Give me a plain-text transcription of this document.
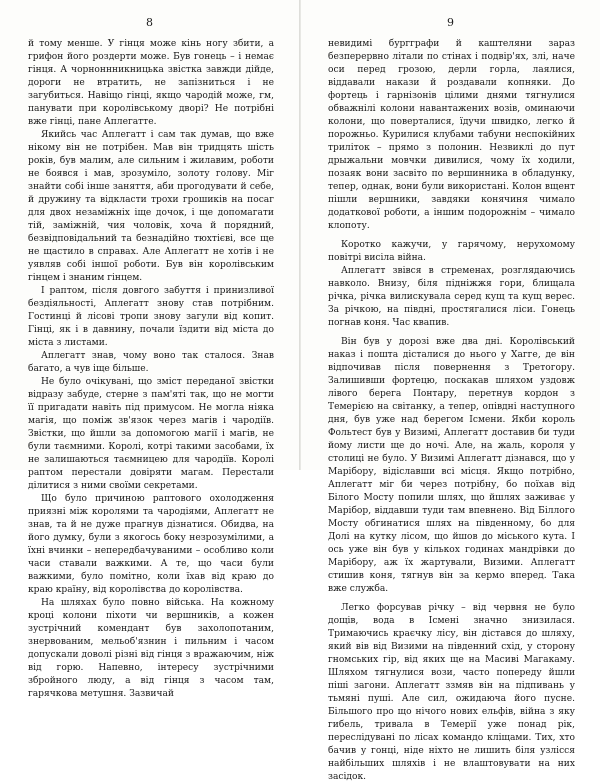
8

й тому менше. У гінця може кінь ногу збити, а грифон його роздерти може. Був гонець – і немає гінця. А чорноннникницька звістка завжди дійде, дороги не втратить, не запізниться і не загубиться. Навіщо гінці, якщо чародій може, гм, панувати при королівському дворі? Не потрібні вже гінці, пане Аплегатте.

Якийсь час Аплегатт і сам так думав, що вже нікому він не потрібен. Мав він тридцять шість років, був малим, але сильним і жилавим, роботи не боявся і мав, зрозуміло, золоту голову. Міг знайти собі інше заняття, аби прогодувати й себе, й дружину та відкласти трохи грошиків на посаг для двох незаміжніх іще дочок, і ще допомагати тій, заміжній, чия чоловік, хоча й порядний, безвідповідальний та безнадійно тюхтієві, все ще не щастило в справах. Але Аплегатт не хотів і не уявляв собі іншої роботи. Був він королівським гінцем і знаним гінцем.

І раптом, після довгого забуття і принизливої бездіяльності, Аплегатт знову став потрібним. Гостинці й лісові тропи знову загули від копит. Гінці, як і в давнину, почали їздити від міста до міста з листами.

Аплегатт знав, чому воно так сталося. Знав багато, а чув іще більше.

Не було очікувані, що зміст переданої звістки відразу забуде, стерне з пам'яті так, що не могти її пригадати навіть під примусом. Не могла ніяка магія, що поміж зв'язок через магів і чародіїв. Звістки, що йшли за допомогою магії і магів, не були таємними. Королі, котрі такими засобами, їх не залишаються таємницею для чародіїв. Королі раптом перестали довіряти магам. Перестали ділитися з ними своїми секретами.

Що було причиною раптового охолодження приязні між королями та чародіями, Аплегатт не знав, та й не дуже прагнув дізнатися. Обидва, на його думку, були з якогось боку незрозумілими, а їхні вчинки – непередбачуваними – особливо коли часи ставали важкими. А те, що часи були важкими, було помітно, коли їхав від краю до краю країну, від королівства до королівства.

На шляхах було повно війська. На кожному кроці колони піхоти чи вершників, а кожен зустрічний комендант був захолопотаним, знервованим, мельоб'язнин і пильним і часом допускали доволі різні від гінця з вражаючим, ніж від горю. Напевно, інтересу зустрічними збройного люду, а від гінця з часом там, гарячкова метушня. Зазвичай

9

невидимі бургграфи й каштеляни зараз безперервно літали по стінах і подвір'ях, злі, наче оси перед грозою, дерли горла, лаялися, віддавали накази й роздавали копняки. До фортець і гарнізонів цілими днями тягнулися обважнілі колони навантажених возів, оминаючи колони, що поверталися, їдучи швидко, легко й порожньо. Курилися клубами табуни неспокійних триліток – прямо з полонин. Незвиклі до пут дрыжальни мовчки дивилися, чому їх ходили, позаяк вони засвіто по вершинника в обладунку, тепер, однак, вони були використані. Колон вщент пішли вершники, завдяки конячиня чимало додаткової роботи, а іншим подорожнім – чимало клопоту.

Коротко кажучи, у гарячому, нерухомому повітрі висіла війна.

Аплегатт звівся в стременах, розглядаючись навколо. Внизу, біля підніжжя гори, блищала річка, річка вилискувала серед кущ та кущ верес. За річкою, на півдні, простягалися ліси. Гонець погнав коня. Час квапив.

Він був у дорозі вже два дні. Королівський наказ і пошта дісталися до нього у Хагге, де він відпочивав після повернення з Третогору. Залишивши фортецю, поскакав шляхом уздовж лівого берега Понтару, перетнув кордон з Темерією на світанку, а тепер, опівдні наступного дня, був уже над берегом Ісмени. Якби король Фольтест був у Визимі, Аплегатт доставив би туди йому листи ще до ночі. Але, на жаль, короля у столиці не було. У Визимі Аплегатт дізнався, що у Марібору, відіславши всі місця. Якщо потрібно, Аплегатт міг би через потрібну, бо поїхав від Білого Мосту попили шлях, що йшлях заживає у Марібор, віддавши туди там впевнено. Від Біллого Мосту обгинатися шлях на південному, бо для Долі на кутку лісом, що йшов до міського кута. І ось уже він був у кількох годинах мандрівки до Марібору, аж їх жартували, Визими. Аплегатт стишив коня, тягнув він за кермо вперед. Така вже служба.

Легко форсував річку – від червня не було дощів, вода в Ісмені значно знизилася. Тримаючись краєчку лісу, він дістався до шляху, який вів від Визими на південний схід, у сторону гномських гір, від яких ще на Масиві Магакаму. Шляхом тягнулися вози, часто попереду йшли піші загони. Аплегатт ззмяв він на підпивань у тьмяні пуші. Але сил, ожидаюча його пусне. Більшого про що нічого нових ельфів, війна з яку гибель, тривала в Темерії уже понад рік, переслідувані по лісах командо кліщами. Тих, хто бачив у гонці, ніде ніхто не лишить біля узлісся найбільших шляхів і не влаштовувати на них засідок.
